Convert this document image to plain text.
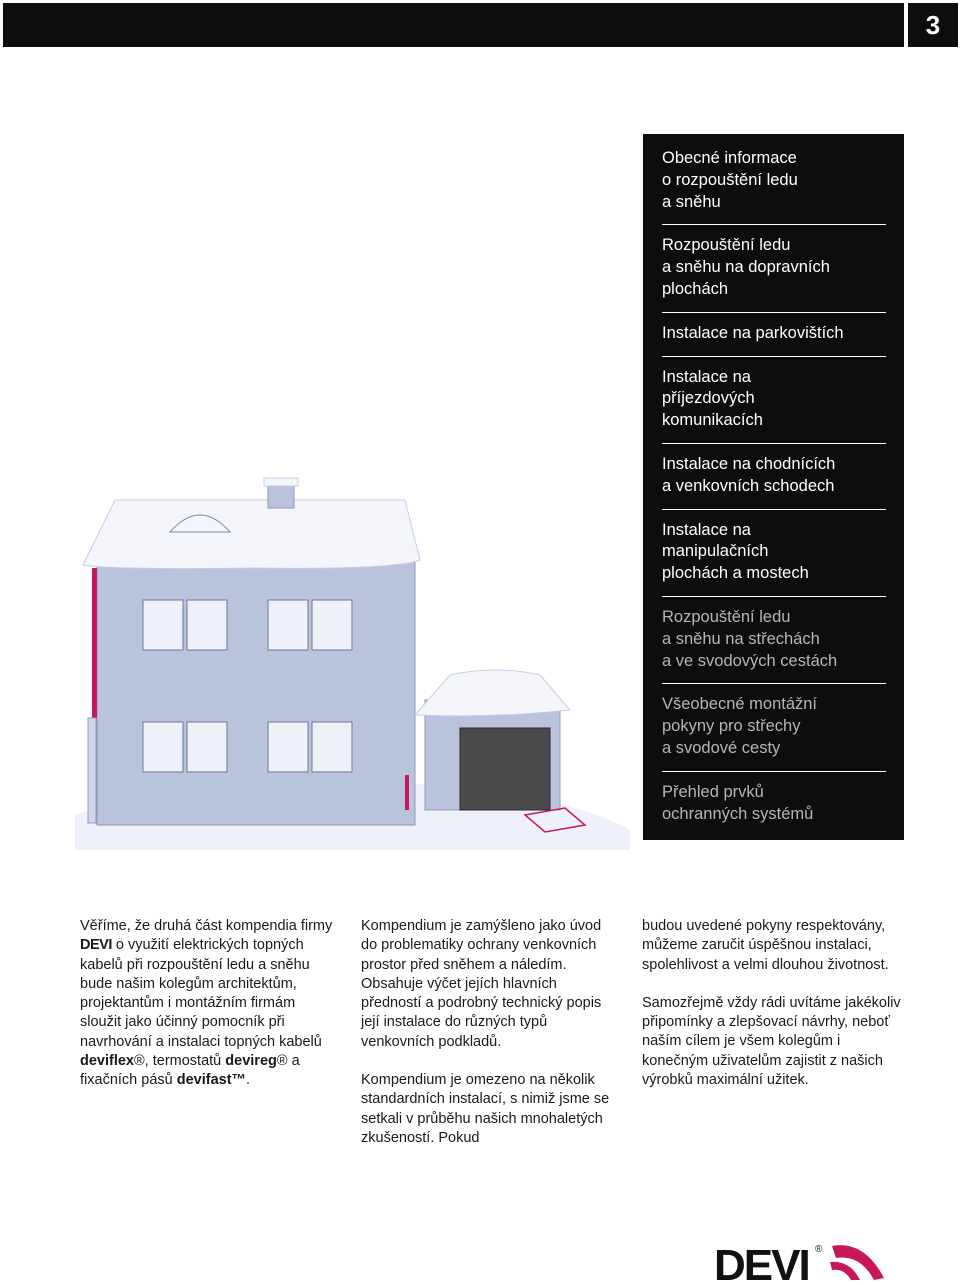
3
Obecné informace
o rozpouštění ledu
a sněhu
Rozpouštění ledu
a sněhu na dopravních
plochách
Instalace na parkovištích
Instalace na
příjezdových
komunikacích
Instalace na chodnících
a venkovních schodech
Instalace na
manipulačních
plochách a mostech
Rozpouštění ledu
a sněhu na střechách
a ve svodových cestách
Všeobecné montážní
pokyny pro střechy
a svodové cesty
Přehled prvků
ochranných systémů

Věříme, že druhá část kompendia firmy DEVI o využití elektrických topných kabelů při rozpouštění ledu a sněhu bude našim kolegům architektům, projektantům i montážním firmám sloužit jako účinný pomocník při navrhování a instalaci topných kabelů deviflex®, termostatů devireg® a fixačních pásů devifast™.

Kompendium je zamýšleno jako úvod do problematiky ochrany venkovních prostor před sněhem a náledím. Obsahuje výčet jejích hlavních předností a podrobný technický popis její instalace do různých typů venkovních podkladů.

Kompendium je omezeno na několik standardních instalací, s nimiž jsme se setkali v průběhu našich mnohaletých zkušeností. Pokud

budou uvedené pokyny respektovány, můžeme zaručit úspěšnou instalaci, spolehlivost a velmi dlouhou životnost.

Samozřejmě vždy rádi uvítáme jakékoliv připomínky a zlepšovací návrhy, neboť naším cílem je všem kolegům i konečným uživatelům zajistit z našich výrobků maximální užitek.

DEVI ®
